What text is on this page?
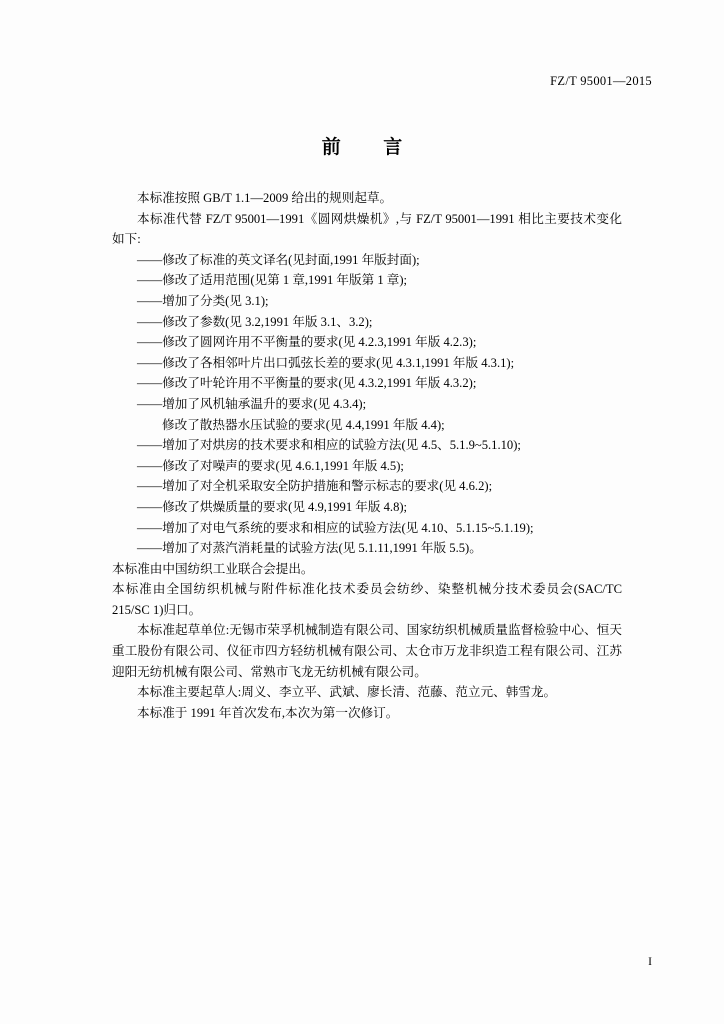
FZ/T 95001—2015
前 言

本标准按照 GB/T 1.1—2009 给出的规则起草。

本标准代替 FZ/T 95001—1991《圆网烘燥机》,与 FZ/T 95001—1991 相比主要技术变化如下:

——修改了标准的英文译名(见封面,1991 年版封面);

——修改了适用范围(见第 1 章,1991 年版第 1 章);

——增加了分类(见 3.1);

——修改了参数(见 3.2,1991 年版 3.1、3.2);

——修改了圆网许用不平衡量的要求(见 4.2.3,1991 年版 4.2.3);

——修改了各相邻叶片出口弧弦长差的要求(见 4.3.1,1991 年版 4.3.1);

——修改了叶轮许用不平衡量的要求(见 4.3.2,1991 年版 4.3.2);

——增加了风机轴承温升的要求(见 4.3.4);

修改了散热器水压试验的要求(见 4.4,1991 年版 4.4);

——增加了对烘房的技术要求和相应的试验方法(见 4.5、5.1.9~5.1.10);

——修改了对噪声的要求(见 4.6.1,1991 年版 4.5);

——增加了对全机采取安全防护措施和警示标志的要求(见 4.6.2);

——修改了烘燥质量的要求(见 4.9,1991 年版 4.8);

——增加了对电气系统的要求和相应的试验方法(见 4.10、5.1.15~5.1.19);

——增加了对蒸汽消耗量的试验方法(见 5.1.11,1991 年版 5.5)。

本标准由中国纺织工业联合会提出。

本标准由全国纺织机械与附件标准化技术委员会纺纱、染整机械分技术委员会(SAC/TC 215/SC 1)归口。

本标准起草单位:无锡市荣孚机械制造有限公司、国家纺织机械质量监督检验中心、恒天重工股份有限公司、仪征市四方轻纺机械有限公司、太仓市万龙非织造工程有限公司、江苏迎阳无纺机械有限公司、常熟市飞龙无纺机械有限公司。

本标准主要起草人:周义、李立平、武斌、廖长清、范藤、范立元、韩雪龙。

本标准于 1991 年首次发布,本次为第一次修订。

I
